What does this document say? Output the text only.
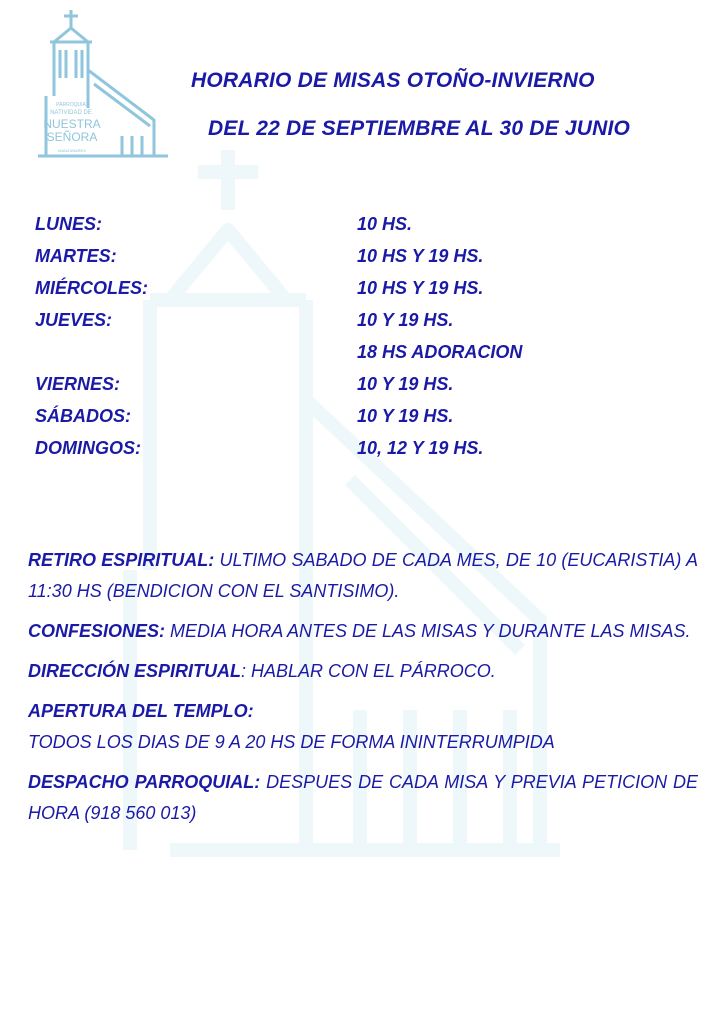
PARROQUIA
NATIVIDAD DE
NUESTRA
SEÑORA
MANZANARES
HORARIO DE MISAS OTOÑO-INVIERNO
DEL 22 DE SEPTIEMBRE AL 30 DE JUNIO
LUNES:	10 HS.
MARTES:	10 HS Y 19 HS.
MIÉRCOLES:	10 HS Y 19 HS.
JUEVES:	10 Y 19 HS.
18 HS ADORACION
VIERNES:	10 Y 19 HS.
SÁBADOS:	10 Y 19 HS.
DOMINGOS:	10, 12 Y 19 HS.

RETIRO ESPIRITUAL: ULTIMO SABADO DE CADA MES, DE 10 (EUCARISTIA) A 11:30 HS (BENDICION CON EL SANTISIMO).

CONFESIONES: MEDIA HORA ANTES DE LAS MISAS Y DURANTE LAS MISAS.

DIRECCIÓN ESPIRITUAL: HABLAR CON EL PÁRROCO.

APERTURA DEL TEMPLO:
TODOS LOS DIAS DE 9 A 20 HS DE FORMA ININTERRUMPIDA

DESPACHO PARROQUIAL: DESPUES DE CADA MISA Y PREVIA PETICION DE HORA (918 560 013)
